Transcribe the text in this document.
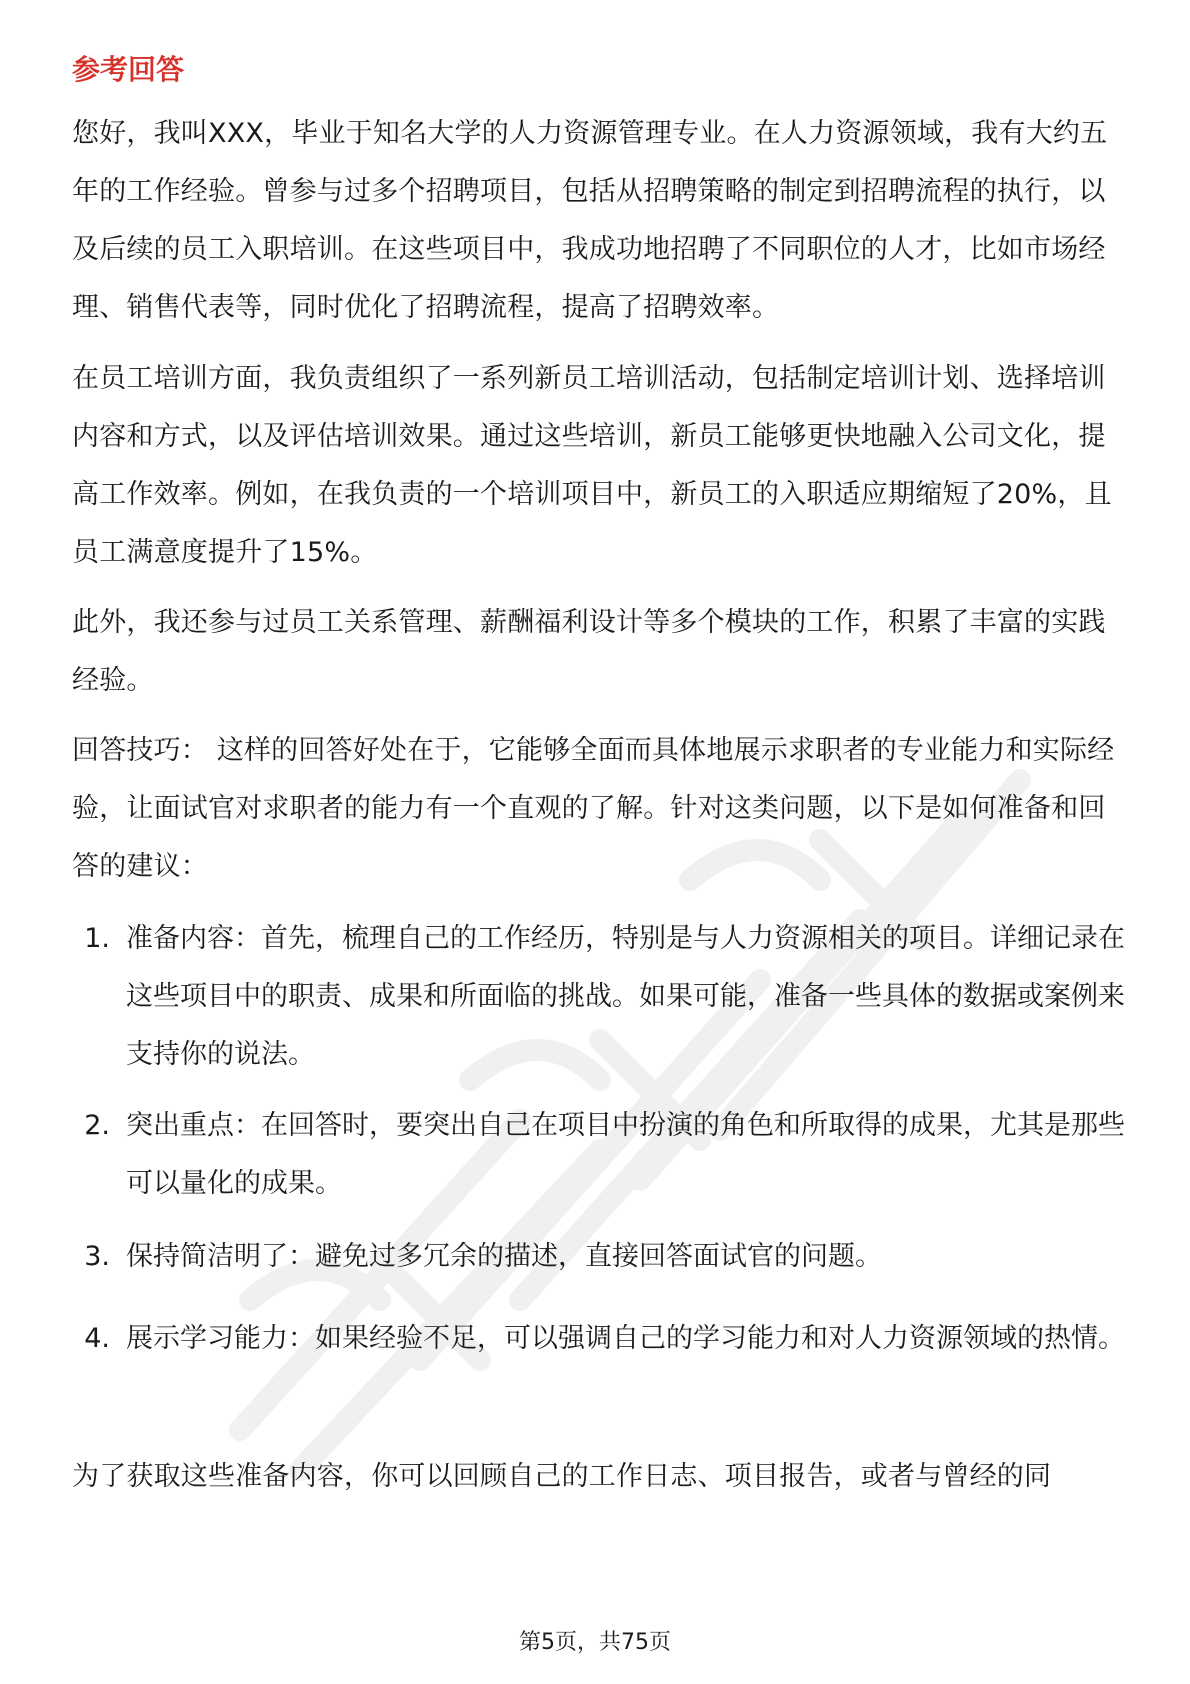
参考回答

您好，我叫XXX，毕业于知名大学的人力资源管理专业。在人力资源领域，我有大约五年的工作经验。曾参与过多个招聘项目，包括从招聘策略的制定到招聘流程的执行，以及后续的员工入职培训。在这些项目中，我成功地招聘了不同职位的人才，比如市场经理、销售代表等，同时优化了招聘流程，提高了招聘效率。

在员工培训方面，我负责组织了一系列新员工培训活动，包括制定培训计划、选择培训内容和方式，以及评估培训效果。通过这些培训，新员工能够更快地融入公司文化，提高工作效率。例如，在我负责的一个培训项目中，新员工的入职适应期缩短了20%，且员工满意度提升了15%。

此外，我还参与过员工关系管理、薪酬福利设计等多个模块的工作，积累了丰富的实践经验。

回答技巧： 这样的回答好处在于，它能够全面而具体地展示求职者的专业能力和实际经验，让面试官对求职者的能力有一个直观的了解。针对这类问题，以下是如何准备和回答的建议：

1. 准备内容：首先，梳理自己的工作经历，特别是与人力资源相关的项目。详细记录在这些项目中的职责、成果和所面临的挑战。如果可能，准备一些具体的数据或案例来支持你的说法。
2. 突出重点：在回答时，要突出自己在项目中扮演的角色和所取得的成果，尤其是那些可以量化的成果。
3. 保持简洁明了：避免过多冗余的描述，直接回答面试官的问题。
4. 展示学习能力：如果经验不足，可以强调自己的学习能力和对人力资源领域的热情。

为了获取这些准备内容，你可以回顾自己的工作日志、项目报告，或者与曾经的同

第5页，共75页
